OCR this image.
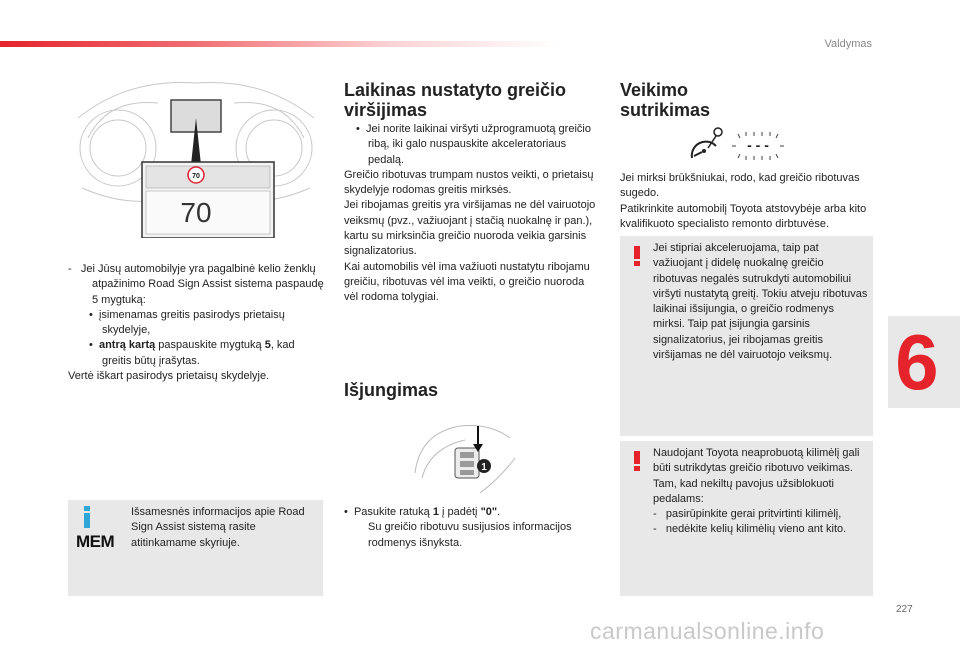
Valdymas
6
227
carmanualsonline.info
70
70

-   Jei Jūsų automobilyje yra pagalbinė kelio ženklų atpažinimo Road Sign Assist sistema paspaudę 5 mygtuką:

•  įsimenamas greitis pasirodys prietaisų skydelyje,

•  antrą kartą paspauskite mygtuką 5, kad greitis būtų įrašytas.

Vertė iškart pasirodys prietaisų skydelyje.

MEM
Išsamesnės informacijos apie Road Sign Assist sistemą rasite atitinkamame skyriuje.
Laikinas nustatyto greičio viršijimas

•  Jei norite laikinai viršyti užprogramuotą greičio ribą, iki galo nuspauskite akceleratoriaus pedalą.

Greičio ribotuvas trumpam nustos veikti, o prietaisų skydelyje rodomas greitis mirksės.

Jei ribojamas greitis yra viršijamas ne dėl vairuotojo veiksmų (pvz., važiuojant į stačią nuokalnę ir pan.), kartu su mirksinčia greičio nuoroda veikia garsinis signalizatorius.

Kai automobilis vėl ima važiuoti nustatytu ribojamu greičiu, ribotuvas vėl ima veikti, o greičio nuoroda vėl rodoma tolygiai.

Išjungimas
1

•  Pasukite ratuką 1 į padėtį "0".

Su greičio ribotuvu susijusios informacijos rodmenys išnyksta.

Veikimo
sutrikimas
- - -

Jei mirksi brūkšniukai, rodo, kad greičio ribotuvas sugedo.

Patikrinkite automobilį Toyota atstovybėje arba kito kvalifikuoto specialisto remonto dirbtuvėse.

Jei stipriai akceleruojama, taip pat važiuojant į didelę nuokalnę greičio ribotuvas negalės sutrukdyti automobiliui viršyti nustatytą greitį. Tokiu atveju ribotuvas laikinai išsijungia, o greičio rodmenys mirksi. Taip pat įsijungia garsinis signalizatorius, jei ribojamas greitis viršijamas ne dėl vairuotojo veiksmų.

Naudojant Toyota neaprobuotą kilimėlį gali būti sutrikdytas greičio ribotuvo veikimas.

Tam, kad nekiltų pavojus užsiblokuoti pedalams:

-   pasirūpinkite gerai pritvirtinti kilimėlį,

-   nedėkite kelių kilimėlių vieno ant kito.
